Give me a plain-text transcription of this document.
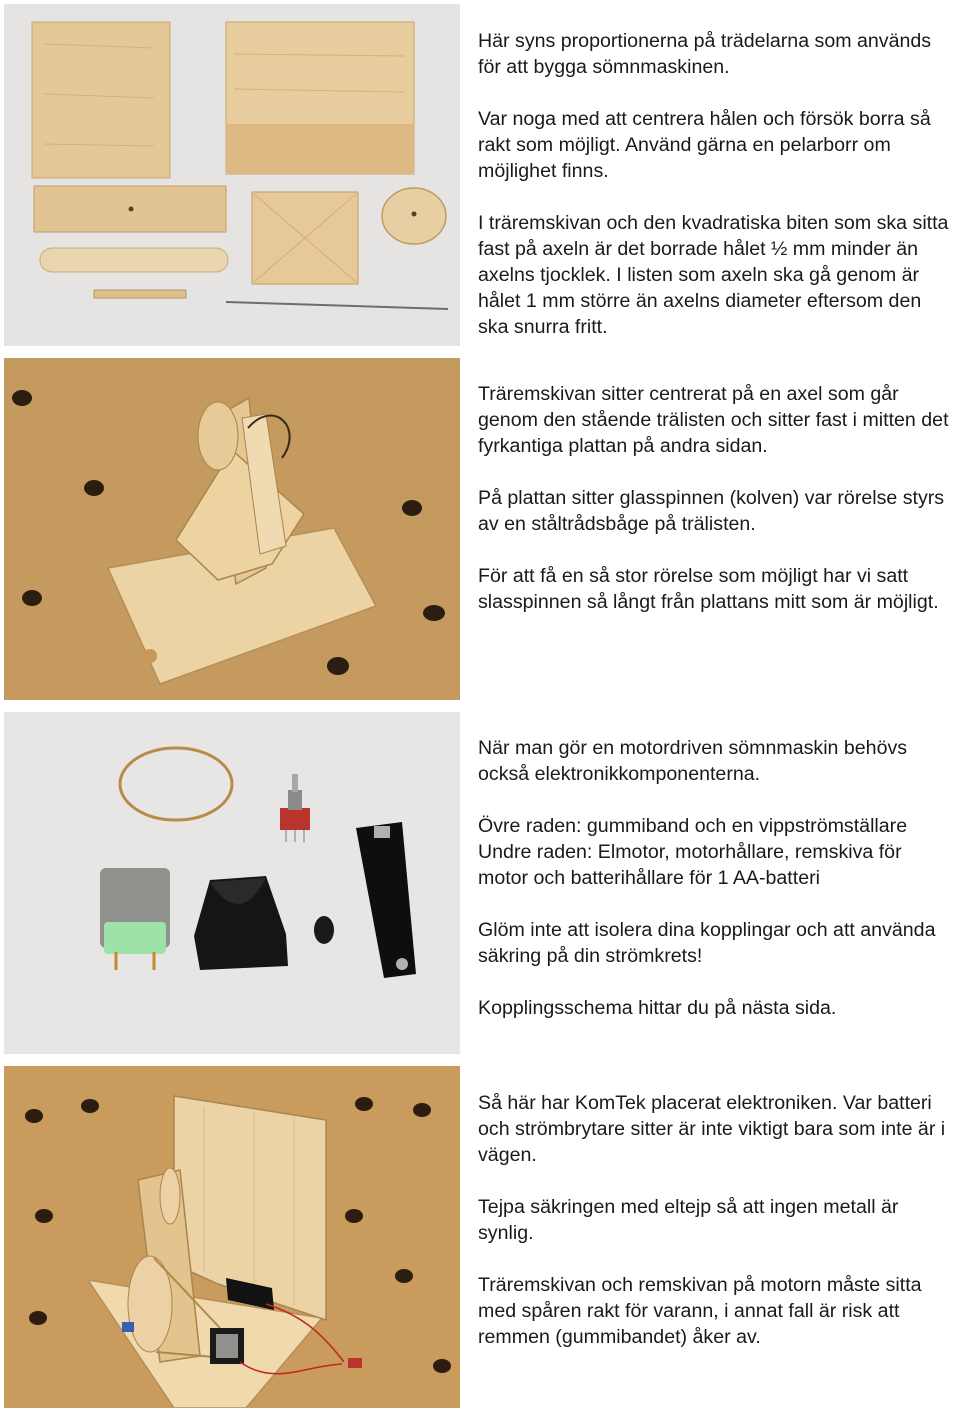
Här syns proportionerna på trädelarna som används för att bygga sömnmaskinen.

Var noga med att centrera hålen och försök borra så rakt som möjligt. Använd gärna en pelarborr om möjlighet finns.

I träremskivan och den kvadratiska biten som ska sitta fast på axeln är det borrade hålet ½ mm minder än axelns tjocklek. I listen som axeln ska gå genom är hålet 1 mm större än axelns diameter eftersom den ska snurra fritt.

Träremskivan sitter centrerat på en axel som går genom den stående trälisten och sitter fast i mitten det fyrkantiga plattan på andra sidan.

På plattan sitter glasspinnen (kolven) var rörelse styrs av en ståltrådsbåge på trälisten.

För att få en så stor rörelse som möjligt har vi satt slasspinnen så långt från plattans mitt som är möjligt.

När man gör en motordriven sömnmaskin behövs också elektronikkomponenterna.

Övre raden: gummiband och en vippströmställare Undre raden: Elmotor, motorhållare, remskiva för motor och batterihållare för 1 AA-batteri

Glöm inte att isolera dina kopplingar och att använda säkring på din strömkrets!

Kopplingsschema hittar du på nästa sida.

Så här har KomTek placerat elektroniken. Var batteri och strömbrytare sitter är inte viktigt bara som inte är i vägen.

Tejpa säkringen med eltejp så att ingen metall är synlig.

Träremskivan och remskivan på motorn måste sitta med spåren rakt för varann, i annat fall är risk att remmen (gummibandet) åker av.
